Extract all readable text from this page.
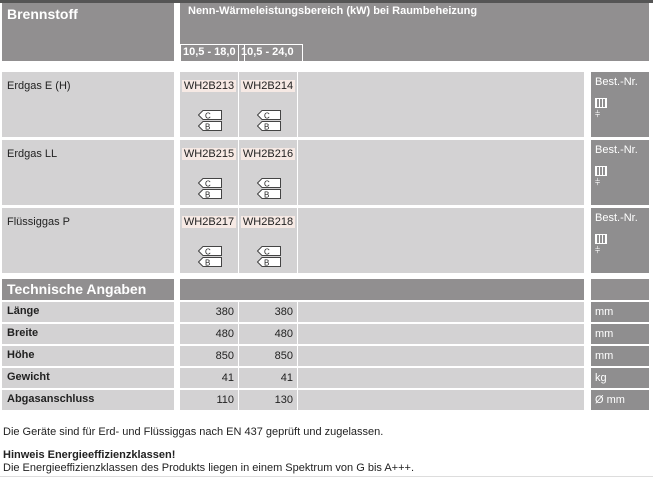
Brennstoff	Nenn-Wärmeleistungsbereich (kW) bei Raumbeheizung
10,5 - 18,0 10,5 - 24,0
Erdgas E (H)	WH2B213
C
B
WH2B214
C
B
Best.-Nr.
⫩
Erdgas LL	WH2B215
C
B
WH2B216
C
B
Best.-Nr.
⫩
Flüssiggas P	WH2B217
C
B
WH2B218
C
B
Best.-Nr.
⫩
Technische Angaben
Länge	380	380	mm
Breite	480	480	mm
Höhe	850	850	mm
Gewicht	41	41	kg
Abgasanschluss	110	130	Ø mm
Die Geräte sind für Erd- und Flüssiggas nach EN 437 geprüft und zugelassen.
Hinweis Energieeffizienzklassen!
Die Energieeffizienzklassen des Produkts liegen in einem Spektrum von G bis A+++.
